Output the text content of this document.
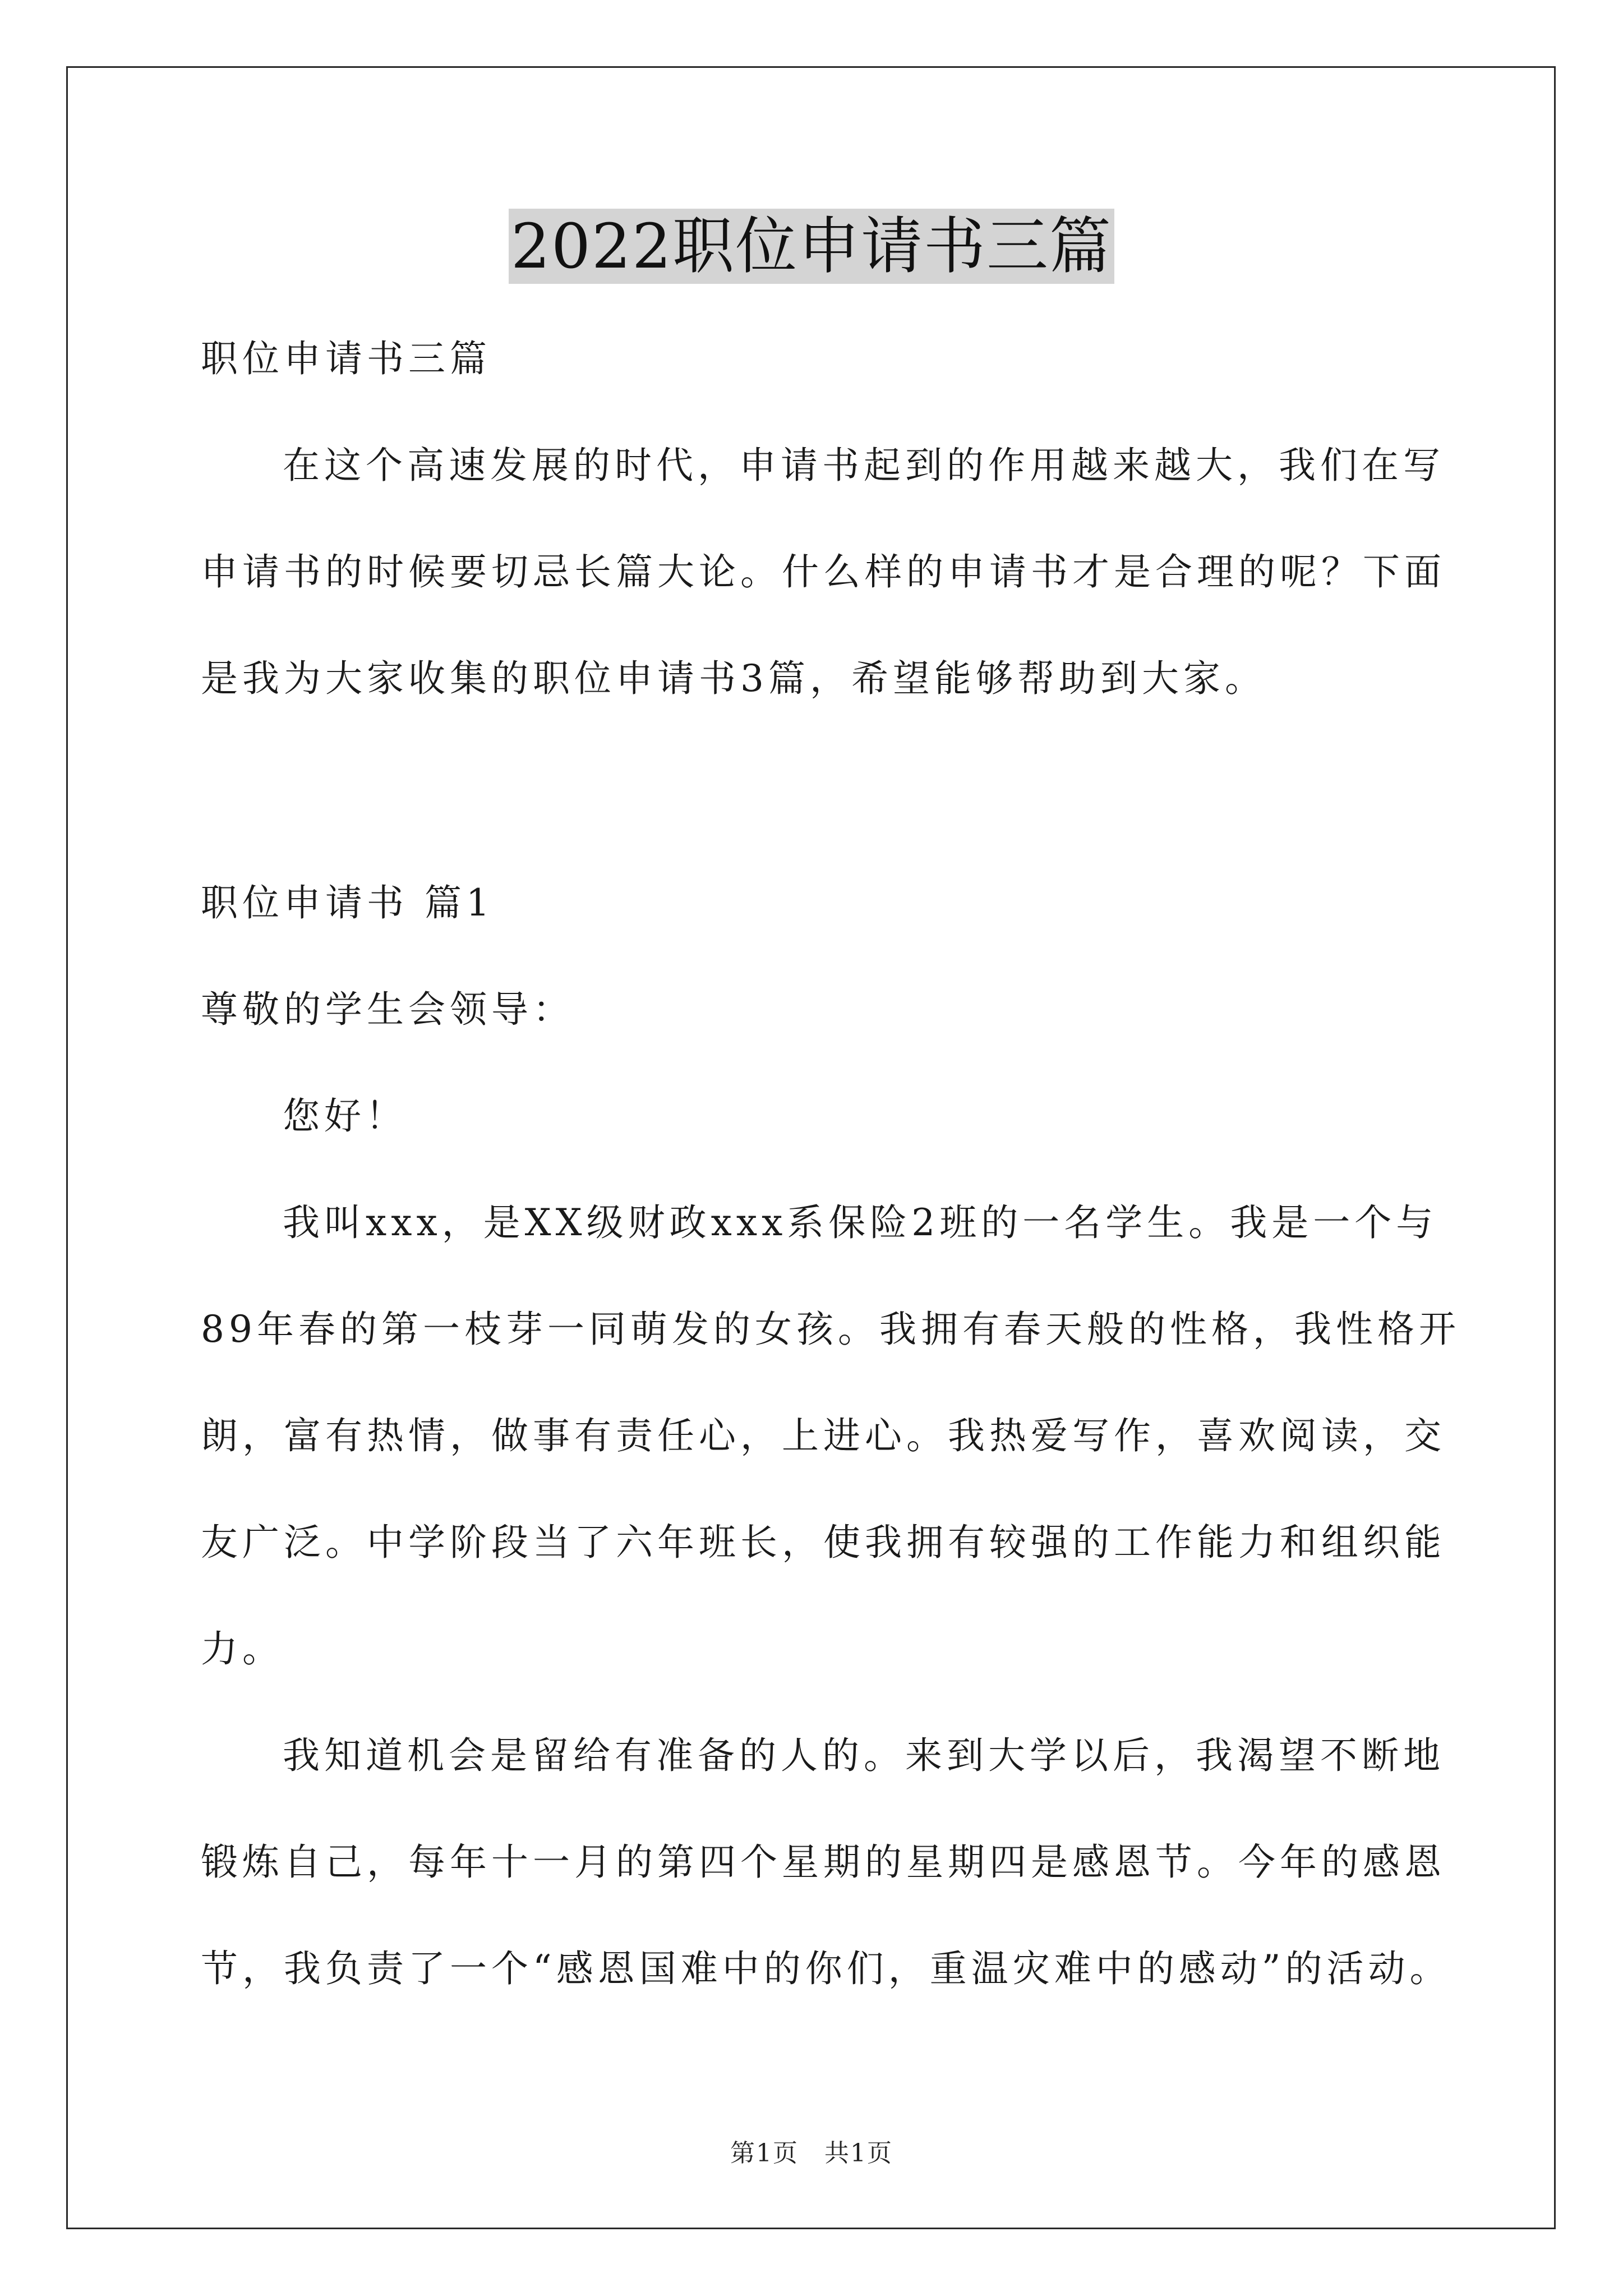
2022职位申请书三篇

职位申请书三篇

在这个高速发展的时代，申请书起到的作用越来越大，我们在写

申请书的时候要切忌长篇大论。什么样的申请书才是合理的呢？下面

是我为大家收集的职位申请书3篇，希望能够帮助到大家。

职位申请书 篇1

尊敬的学生会领导：

您好！

我叫xxx，是XX级财政xxx系保险2班的一名学生。我是一个与

89年春的第一枝芽一同萌发的女孩。我拥有春天般的性格，我性格开

朗，富有热情，做事有责任心，上进心。我热爱写作，喜欢阅读，交

友广泛。中学阶段当了六年班长，使我拥有较强的工作能力和组织能

力。

我知道机会是留给有准备的人的。来到大学以后，我渴望不断地

锻炼自己，每年十一月的第四个星期的星期四是感恩节。今年的感恩

节，我负责了一个“感恩国难中的你们，重温灾难中的感动”的活动。

第1页　共1页
